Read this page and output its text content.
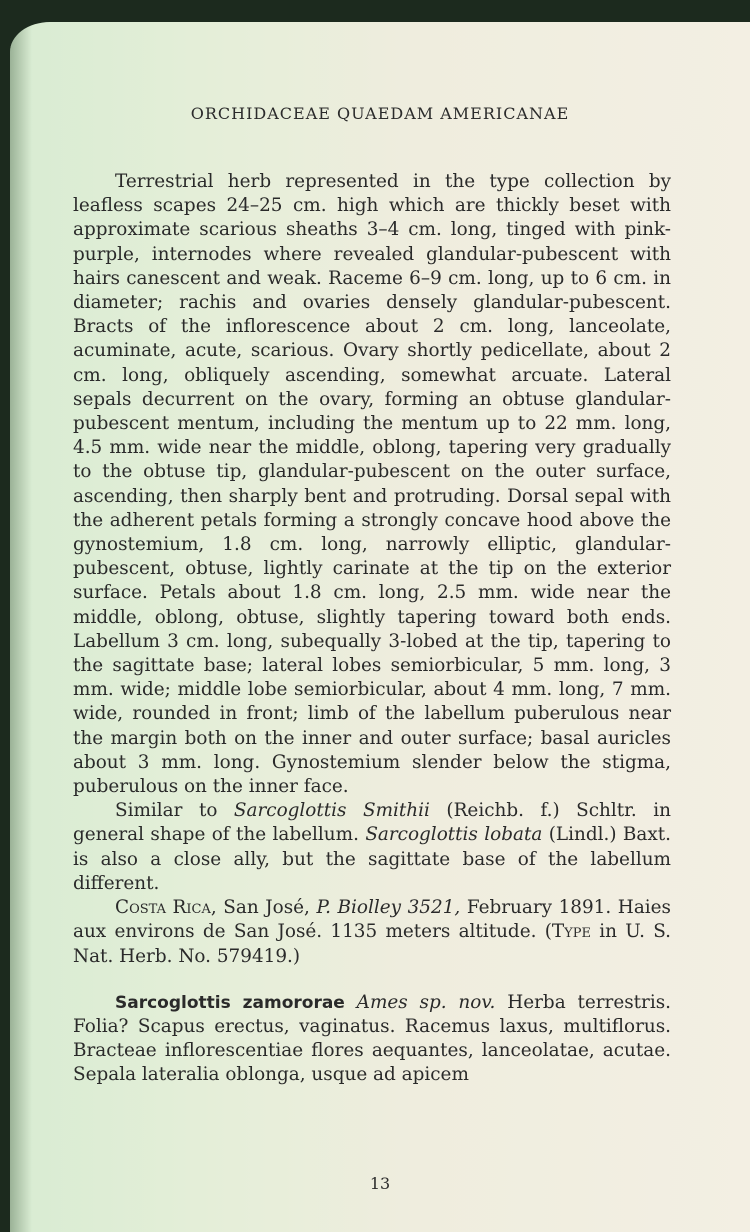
ORCHIDACEAE QUAEDAM AMERICANAE

Terrestrial herb represented in the type collection by leafless scapes 24–25 cm. high which are thickly beset with approximate scarious sheaths 3–4 cm. long, tinged with pink-purple, internodes where revealed glandular-pubescent with hairs canescent and weak. Raceme 6–9 cm. long, up to 6 cm. in diameter; rachis and ovaries densely glandular-pubescent. Bracts of the inflorescence about 2 cm. long, lanceolate, acuminate, acute, scarious. Ovary shortly pedicellate, about 2 cm. long, obliquely ascending, somewhat arcuate. Lateral sepals decurrent on the ovary, forming an obtuse glandular-pubescent mentum, including the mentum up to 22 mm. long, 4.5 mm. wide near the middle, oblong, tapering very gradually to the obtuse tip, glandular-pubescent on the outer surface, ascending, then sharply bent and protruding. Dorsal sepal with the adherent petals forming a strongly concave hood above the gynostemium, 1.8 cm. long, narrowly elliptic, glandular-pubescent, obtuse, lightly carinate at the tip on the exterior surface. Petals about 1.8 cm. long, 2.5 mm. wide near the middle, oblong, obtuse, slightly tapering toward both ends. Labellum 3 cm. long, subequally 3-lobed at the tip, tapering to the sagittate base; lateral lobes semiorbicular, 5 mm. long, 3 mm. wide; middle lobe semiorbicular, about 4 mm. long, 7 mm. wide, rounded in front; limb of the labellum puberulous near the margin both on the inner and outer surface; basal auricles about 3 mm. long. Gynostemium slender below the stigma, puberulous on the inner face.

Similar to Sarcoglottis Smithii (Reichb. f.) Schltr. in general shape of the labellum. Sarcoglottis lobata (Lindl.) Baxt. is also a close ally, but the sagittate base of the labellum different.

Costa Rica, San José, P. Biolley 3521, February 1891. Haies aux environs de San José. 1135 meters altitude. (Type in U. S. Nat. Herb. No. 579419.)

Sarcoglottis zamororae Ames sp. nov. Herba terrestris. Folia? Scapus erectus, vaginatus. Racemus laxus, multiflorus. Bracteae inflorescentiae flores aequantes, lanceolatae, acutae. Sepala lateralia oblonga, usque ad apicem

13
